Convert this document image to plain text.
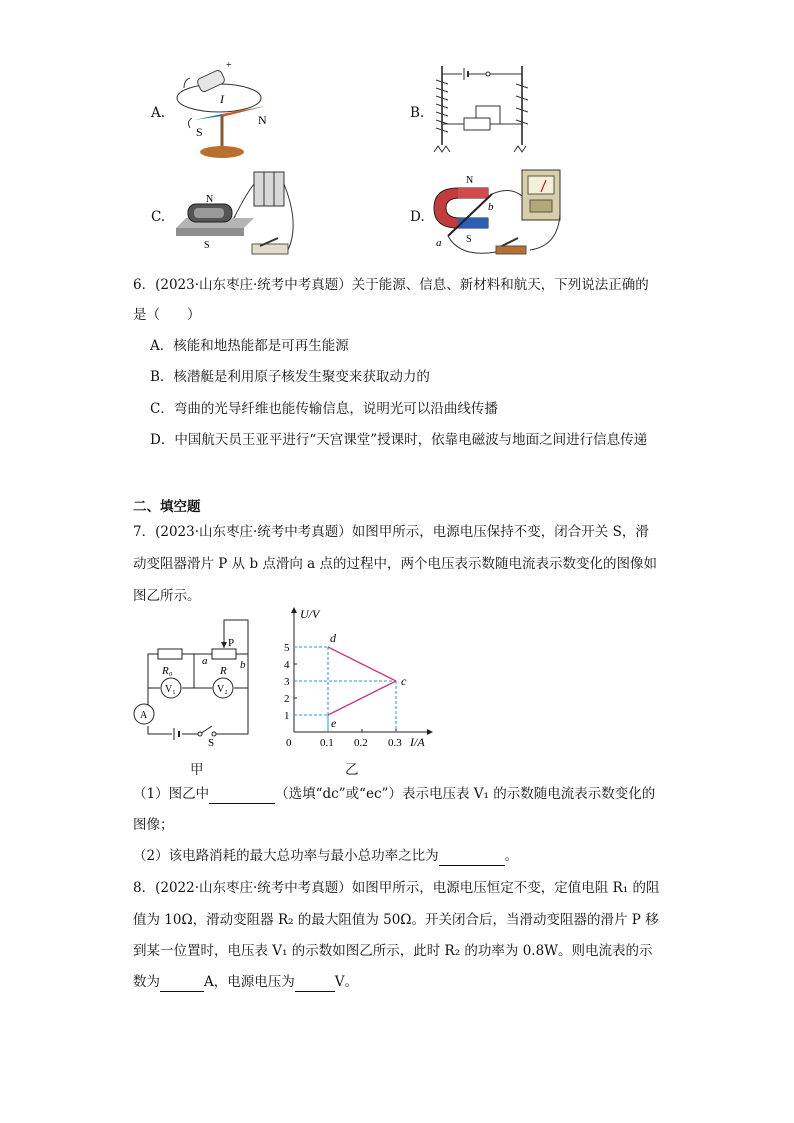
A.
+
I
S
N	B.
C.
N
S
D.
N
S
a
b
6．(2023·山东枣庄·统考中考真题）关于能源、信息、新材料和航天，下列说法正确的
是（　　）
A．核能和地热能都是可再生能源
B．核潜艇是利用原子核发生聚变来获取动力的
C．弯曲的光导纤维也能传输信息，说明光可以沿曲线传播
D．中国航天员王亚平进行“天宫课堂”授课时，依靠电磁波与地面之间进行信息传递
二、填空题
7．(2023·山东枣庄·统考中考真题）如图甲所示，电源电压保持不变，闭合开关 S，滑
动变阻器滑片 P 从 b 点滑向 a 点的过程中，两个电压表示数随电流表示数变化的图像如
图乙所示。
P
R₀	R
a	b
V₁	V₂
A
S
甲
U/V
I/A
1
2
3
4
5
0	0.1 0.2 0.3
d
c
e
乙
（1）图乙中	（选填“dc”或“ec”）表示电压表 V₁ 的示数随电流表示数变化的
图像；
（2）该电路消耗的最大总功率与最小总功率之比为	。
8．(2022·山东枣庄·统考中考真题）如图甲所示，电源电压恒定不变，定值电阻 R₁ 的阻
值为 10Ω，滑动变阻器 R₂ 的最大阻值为 50Ω。开关闭合后，当滑动变阻器的滑片 P 移
到某一位置时，电压表 V₁ 的示数如图乙所示，此时 R₂ 的功率为 0.8W。则电流表的示
数为	A，电源电压为	V。
